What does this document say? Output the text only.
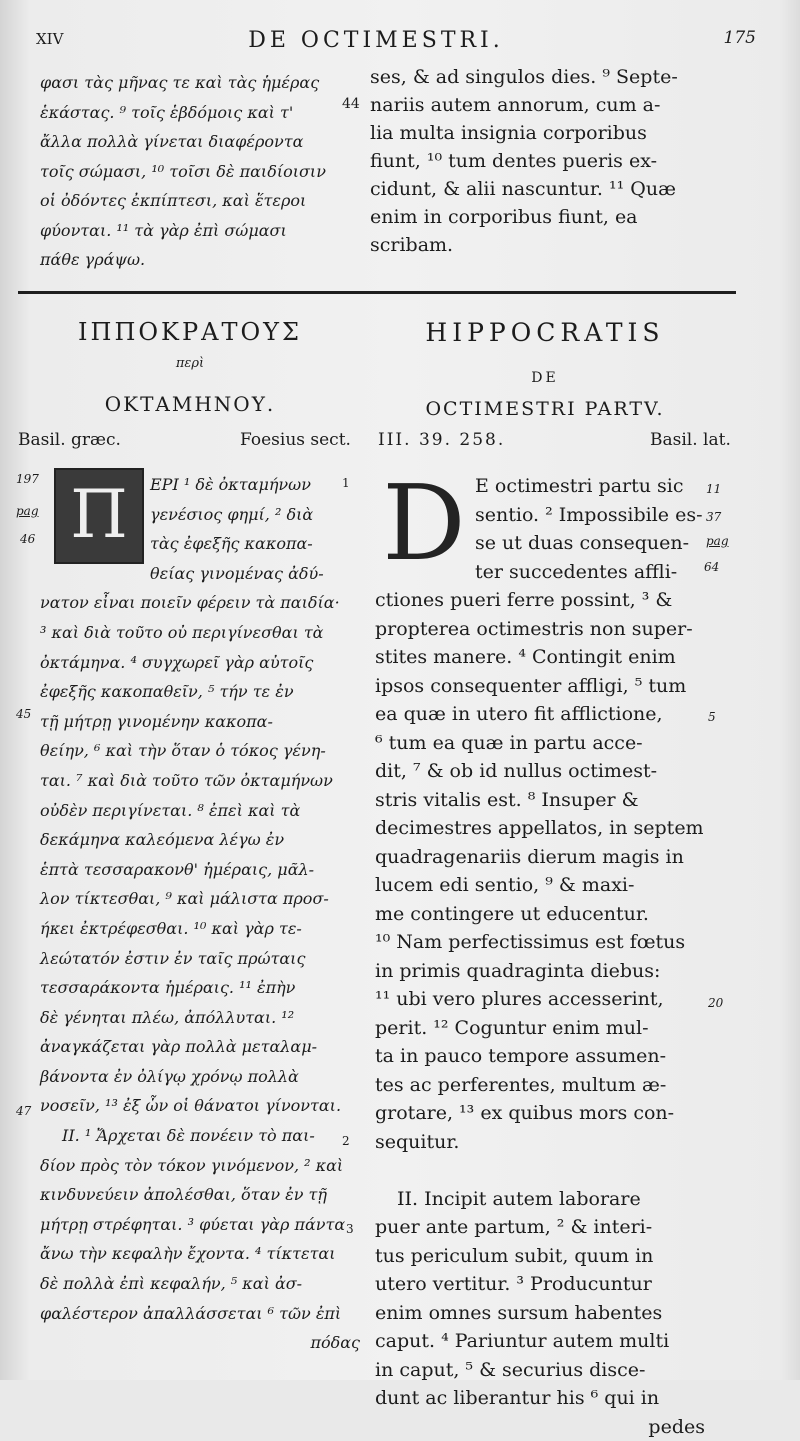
XIV	DE OCTIMESTRI.	175
φασι τὰς μῆνας τε καὶ τὰς ἡμέρας
ἑκάστας. ⁹ τοῖς ἑβδόμοις καὶ τ'
ἄλλα πολλὰ γίνεται διαφέροντα
τοῖς σώμασι, ¹⁰ τοῖσι δὲ παιδίοισιν
οἱ ὀδόντες ἐκπίπτεσι, καὶ ἕτεροι
φύονται. ¹¹ τὰ γὰρ ἐπὶ σώμασι
πάθε γράψω.
44
ses, & ad singulos dies. ⁹ Septe-
nariis autem annorum, cum a-
lia multa insignia corporibus
fiunt, ¹⁰ tum dentes pueris ex-
cidunt, & alii nascuntur. ¹¹ Quæ
enim in corporibus fiunt, ea
scribam.
ΙΠΠΟΚΡΑΤΟΥΣ
περὶ
ΟΚΤΑΜΗΝΟΥ.
HIPPOCRATIS
DE
OCTIMESTRI PARTV.
Basil. græc.	Foesius sect. III. 39. 258.	Basil. lat.
197
pag
46
45
47
1
2
3
11
37
pag
64
5
20
Π D
ΕΡΙ ¹ δὲ ὀκταμήνων
γενέσιος φημί, ² διὰ
τὰς ἐφεξῆς κακοπα-
θείας γινομένας ἀδύ-
νατον εἶναι ποιεῖν φέρειν τὰ παιδία·
³ καὶ διὰ τοῦτο οὐ περιγίνεσθαι τὰ
ὀκτάμηνα. ⁴ συγχωρεῖ γὰρ αὐτοῖς
ἐφεξῆς κακοπαθεῖν, ⁵ τήν τε ἐν
τῇ μήτρῃ γινομένην κακοπα-
θείην, ⁶ καὶ τὴν ὅταν ὁ τόκος γένη-
ται. ⁷ καὶ διὰ τοῦτο τῶν ὀκταμήνων
οὐδὲν περιγίνεται. ⁸ ἐπεὶ καὶ τὰ
δεκάμηνα καλεόμενα λέγω ἐν
ἑπτὰ τεσσαρακονθ' ἡμέραις, μᾶλ-
λον τίκτεσθαι, ⁹ καὶ μάλιστα προσ-
ήκει ἐκτρέφεσθαι. ¹⁰ καὶ γὰρ τε-
λεώτατόν ἐστιν ἐν ταῖς πρώταις
τεσσαράκοντα ἡμέραις. ¹¹ ἐπὴν
δὲ γένηται πλέω, ἀπόλλυται. ¹²
ἀναγκάζεται γὰρ πολλὰ μεταλαμ-
βάνοντα ἐν ὀλίγῳ χρόνῳ πολλὰ
νοσεῖν, ¹³ ἐξ ὧν οἱ θάνατοι γίνονται.
II. ¹ Ἄρχεται δὲ πονέειν τὸ παι-
δίον πρὸς τὸν τόκον γινόμενον, ² καὶ
κινδυνεύειν ἀπολέσθαι, ὅταν ἐν τῇ
μήτρῃ στρέφηται. ³ φύεται γὰρ πάντα
ἄνω τὴν κεφαλὴν ἔχοντα. ⁴ τίκτεται
δὲ πολλὰ ἐπὶ κεφαλήν, ⁵ καὶ ἀσ-
φαλέστερον ἀπαλλάσσεται ⁶ τῶν ἐπὶ
πόδας
E octimestri partu sic
sentio. ² Impossibile es-
se ut duas consequen-
ter succedentes affli-
ctiones pueri ferre possint, ³ &
propterea octimestris non super-
stites manere. ⁴ Contingit enim
ipsos consequenter affligi, ⁵ tum
ea quæ in utero fit afflictione,
⁶ tum ea quæ in partu acce-
dit, ⁷ & ob id nullus octimest-
stris vitalis est. ⁸ Insuper &
decimestres appellatos, in septem
quadragenariis dierum magis in
lucem edi sentio, ⁹ & maxi-
me contingere ut educentur.
¹⁰ Nam perfectissimus est fœtus
in primis quadraginta diebus:
¹¹ ubi vero plures accesserint,
perit. ¹² Coguntur enim mul-
ta in pauco tempore assumen-
tes ac perferentes, multum æ-
grotare, ¹³ ex quibus mors con-
sequitur.

II. Incipit autem laborare
puer ante partum, ² & interi-
tus periculum subit, quum in
utero vertitur. ³ Producuntur
enim omnes sursum habentes
caput. ⁴ Pariuntur autem multi
in caput, ⁵ & securius disce-
dunt ac liberantur his ⁶ qui in
pedes
